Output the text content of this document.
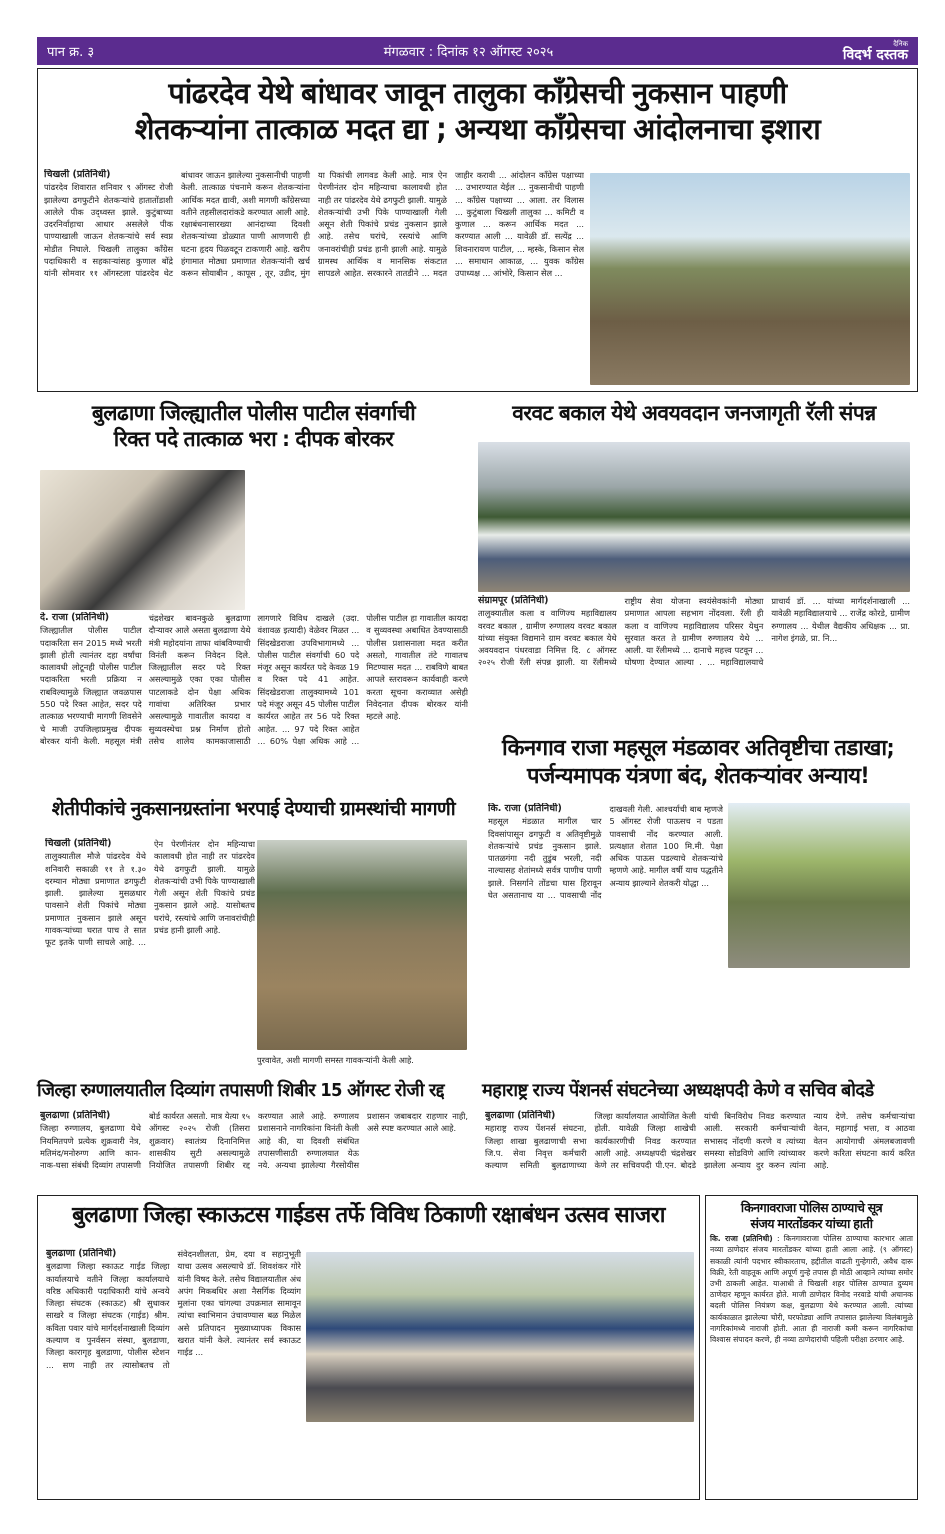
पान क्र. ३	मंगळवार : दिनांक १२ ऑगस्ट २०२५
दैनिक
विदर्भ दस्तक
पांढरदेव येथे बांधावर जावून तालुका काँग्रेसची नुकसान पाहणी
शेतकऱ्यांना तात्काळ मदत द्या ; अन्यथा काँग्रेसचा आंदोलनाचा इशारा
चिखली (प्रतिनिधी)
पांढरदेव शिवारात शनिवार ९ ऑगस्ट रोजी झालेल्या ढगफुटीने शेतकऱ्यांचे हातातोंडाशी आलेले पीक उद्ध्वस्त झाले. कुटुंबाच्या उदरनिर्वाहाचा आधार असलेले पीक पाण्याखाली जाऊन शेतकऱ्यांचे सर्व स्वप्न मोडीत निघाले. चिखली तालुका काँग्रेस पदाधिकारी व सहकाऱ्यांसह कुणाल बोंद्रे यांनी सोमवार ११ ऑगस्टला पांढरदेव थेट बांधावर जाऊन झालेल्या नुकसानीची पाहणी केली. तात्काळ पंचनामे करून शेतकऱ्यांना आर्थिक मदत द्यावी, अशी मागणी काँग्रेसच्या वतीने तहसीलदारांकडे करण्यात आली आहे. रक्षाबंधनासारख्या आनंदाच्या दिवशी शेतकऱ्यांच्या डोळ्यात पाणी आणणारी ही घटना हृदय पिळवटून टाकणारी आहे. खरीप हंगामात मोठ्या प्रमाणात शेतकऱ्यांनी खर्च करून सोयाबीन , कापूस , तूर, उडीद, मुंग या पिकांची लागवड केली आहे. मात्र ऐन पेरणीनंतर दोन महिन्याचा कालावधी होत नाही तर पांढरदेव येथे ढगफुटी झाली. यामुळे शेतकऱ्यांची उभी पिके पाण्याखाली गेली असून शेती पिकांचे प्रचंड नुकसान झाले आहे. तसेच घरांचे, रस्त्यांचे आणि जनावरांचीही प्रचंड हानी झाली आहे. यामुळे ग्रामस्थ आर्थिक व मानसिक संकटात सापडले आहेत. सरकारने तातडीने ... मदत जाहीर करावी ... आंदोलन काँग्रेस पक्षाच्या ... उभारण्यात येईल ... नुकसानीची पाहणी ... काँग्रेस पक्षाच्या ... आला. तर विलास ... कुटुंबाला चिखली तालुका ... कमिटी व कुणाल ... करून आर्थिक मदत ... करण्यात आली ... यावेळी डॉ. सत्येंद्र ... शिवनारायण पाटील, ... म्हस्के, किसान सेल ... समाधान आकाळ, ... युवक काँग्रेस उपाध्यक्ष ... आंभोरे, किसान सेल ...
बुलढाणा जिल्ह्यातील पोलीस पाटील संवर्गाची
रिक्त पदे तात्काळ भरा : दीपक बोरकर
दे. राजा (प्रतिनिधी)
जिल्ह्यातील पोलीस पाटील पदाकरिता सन 2015 मध्ये भरती झाली होती त्यानंतर दहा वर्षांचा कालावधी लोटूनही पोलीस पाटील पदाकरिता भरती प्रक्रिया न राबविल्यामुळे जिल्ह्यात जवळपास 550 पदे रिक्त आहेत, सदर पदे तात्काळ भरण्याची मागणी शिवसेने चे माजी उपजिल्हाप्रमुख दीपक बोरकर यांनी केली. महसूल मंत्री चंद्रशेखर बावनकुळे बुलढाणा दौऱ्यावर आले असता बुलढाणा येथे मंत्री महोदयांना ताफा थांबविण्याची विनंती करून निवेदन दिले. जिल्ह्यातील सदर पदे रिक्त असल्यामुळे एका एका पोलीस पाटलाकडे दोन पेक्षा अधिक गावांचा अतिरिक्त प्रभार असल्यामुळे गावातील कायदा व सुव्यवस्थेचा प्रश्न निर्माण होतो तसेच शालेय कामकाजासाठी लागणारे विविध दाखले (उदा. वंशावळ इत्यादी) वेळेवर मिळत ... सिंदखेडराजा उपविभागामध्ये ... पोलीस पाटील संवर्गाची 60 पदे मंजूर असून कार्यरत पदे केवळ 19 व रिक्त पदे 41 आहेत. सिंदखेडराजा तालुक्यामध्ये 101 पदे मंजूर असून 45 पोलीस पाटील कार्यरत आहेत तर 56 पदे रिक्त आहेत. ... 97 पदे रिक्त आहेत ... 60% पेक्षा अधिक आहे ... पोलीस पाटील हा गावातील कायदा व सुव्यवस्था अबाधित ठेवण्यासाठी पोलीस प्रशासनाला मदत करीत असतो, गावातील तंटे गावातच मिटण्यास मदत ... राबविणे बाबत आपले स्तरावरून कार्यवाही करणे करता सूचना कराव्यात असेही निवेदनात दीपक बोरकर यांनी म्हटले आहे.
वरवट बकाल येथे अवयवदान जनजागृती रॅली संपन्न
संग्रामपूर (प्रतिनिधी)
तालुक्यातील कला व वाणिज्य महाविद्यालय वरवट बकाल , ग्रामीण रुग्णालय वरवट बकाल यांच्या संयुक्त विद्यमाने ग्राम वरवट बकाल येथे अवयवदान पंधरवाडा निमित्त दि. ८ ऑगस्ट २०२५ रोजी रॅली संपन्न झाली. या रॅलीमध्ये राष्ट्रीय सेवा योजना स्वयंसेवकांनी मोठ्या प्रमाणात आपला सहभाग नोंदवला. रॅली ही कला व वाणिज्य महाविद्यालय परिसर येथुन सुरवात करत ते ग्रामीण रुग्णालय येथे ... आली. या रॅलीमध्ये ... दानाचे महत्त्व पटवून ... घोषणा देण्यात आल्या . ... महाविद्यालयाचे प्राचार्य डॉ. ... यांच्या मार्गदर्शनाखाली ... यावेळी महाविद्यालयाचे ... राजेंद्र कोरडे, ग्रामीण रुग्णालय ... येथील वैद्यकीय अधिक्षक ... प्रा. नागेश इंगळे, प्रा. नि...
किनगाव राजा महसूल मंडळावर अतिवृष्टीचा तडाखा;
पर्जन्यमापक यंत्रणा बंद, शेतकऱ्यांवर अन्याय!
कि. राजा (प्रतिनिधी)
महसूल मंडळात मागील चार दिवसांपासून ढगफुटी व अतिवृष्टीमुळे शेतकऱ्यांचे प्रचंड नुकसान झाले. पातळगंगा नदी तुडुंब भरली, नदी नाल्यासह शेतांमध्ये सर्वत्र पाणीच पाणी झाले. निसर्गाने तोंडचा घास हिरावून घेत असतानाच या ... पावसाची नोंद दाखवली गेली. आश्चर्याची बाब म्हणजे 5 ऑगस्ट रोजी पाऊसच न पडता पावसाची नोंद करण्यात आली. प्रत्यक्षात शेतात 100 मि.मी. पेक्षा अधिक पाऊस पडल्याचे शेतकऱ्यांचे म्हणणे आहे. मागील वर्षी याच पद्धतीने अन्याय झाल्याने शेतकरी योद्धा ...
शेतीपीकांचे नुकसानग्रस्तांना भरपाई देण्याची ग्रामस्थांची मागणी
चिखली (प्रतिनिधी)
तालुक्यातील मौजे पांढरदेव येथे शनिवारी सकाळी ११ ते १.३० दरम्यान मोठ्या प्रमाणात ढगफुटी झाली. झालेल्या मुसळधार पावसाने शेती पिकांचे मोठ्या प्रमाणात नुकसान झाले असून गावकऱ्यांच्या घरात पाच ते सात फूट इतके पाणी साचले आहे. ... ऐन पेरणीनंतर दोन महिन्याचा कालावधी होत नाही तर पांढरदेव येथे ढगफुटी झाली. यामुळे शेतकऱ्यांची उभी पिके पाण्याखाली गेली असून शेती पिकांचे प्रचंड नुकसान झाले आहे. यासोबतच घरांचे, रस्त्यांचे आणि जनावरांचीही प्रचंड हानी झाली आहे.
पुरवावेत, अशी मागणी समस्त गावकऱ्यांनी केली आहे.
जिल्हा रुग्णालयातील दिव्यांग तपासणी शिबीर 15 ऑगस्ट रोजी रद्द
बुलढाणा (प्रतिनिधी)
जिल्हा रुग्णालय, बुलढाणा येथे नियमितपणे प्रत्येक शुक्रवारी नेत्र, मतिमंद/मनोरुग्ण आणि कान-नाक-घसा संबंधी दिव्यांग तपासणी बोर्ड कार्यरत असतो. मात्र येत्या १५ ऑगस्ट २०२५ रोजी (तिसरा शुक्रवार) स्वातंत्र्य दिनानिमित्त शासकीय सुटी असल्यामुळे नियोजित तपासणी शिबीर रद्द करण्यात आले आहे. रुग्णालय प्रशासनाने नागरिकांना विनंती केली आहे की, या दिवशी संबंधित तपासणीसाठी रुग्णालयात येऊ नये. अन्यथा झालेल्या गैरसोयीस प्रशासन जबाबदार राहणार नाही, असे स्पष्ट करण्यात आले आहे.
महाराष्ट्र राज्य पेंशनर्स संघटनेच्या अध्यक्षपदी केणे व सचिव बोदडे
बुलढाणा (प्रतिनिधी)
महाराष्ट्र राज्य पेंशनर्स संघटना, जिल्हा शाखा बुलढाणाची सभा जि.प. सेवा निवृत्त कर्मचारी कल्याण समिती बुलढाणाच्या जिल्हा कार्यालयात आयोजित केली होती. यावेळी जिल्हा शाखेची कार्यकारणीची निवड करण्यात आली आहे. अध्यक्षपदी चंद्रशेखर केणे तर सचिवपदी पी.एन. बोदडे यांची बिनविरोध निवड करण्यात आली. सरकारी कर्मचाऱ्यांची सभासद नोंदणी करणे व त्यांच्या समस्या सोडविणे आणि त्यांच्यावर झालेला अन्याय दुर करुन त्यांना न्याय देणे. तसेच कर्मचाऱ्यांचा वेतन, महागाई भत्ता, व आठवा वेतन आयोगाची अंमलबजावणी करणे करिता संघटना कार्य करित आहे.
बुलढाणा जिल्हा स्काऊटस गाईडस तर्फे विविध ठिकाणी रक्षाबंधन उत्सव साजरा
बुलढाणा (प्रतिनिधी)
बुलढाणा जिल्हा स्काऊट गाईड जिल्हा कार्यालयाचे वतीने जिल्हा कार्यालयाचे वरिष्ठ अधिकारी पदाधिकारी यांचे अन्वये जिल्हा संघटक (स्काऊट) श्री सुधाकर साखरे व जिल्हा संघटक (गाईड) श्रीम. कविता पवार यांचे मार्गदर्शनाखाली दिव्यांग कल्याण व पुनर्वसन संस्था, बुलडाणा, जिल्हा कारागृह बुलडाणा, पोलीस स्टेशन ... सण नाही तर त्यासोबतच तो संवेदनशीलता, प्रेम, दया व सहानुभूती याचा उत्सव असल्याचे डॉ. शिवशंकर गोरे यांनी विषद केले. तसेच विद्यालयातील अंध अपंग मिकबधिर अशा नैसर्गिक दिव्यांग मुलांना एका चांगल्या उपक्रमात सामावून त्यांचा स्वाभिमान उंचावण्यास बळ मिळेल असे प्रतिपादन मुख्याध्यापक विकास खरात यांनी केले. त्यानंतर सर्व स्काऊट गाईड ...
किनगावराजा पोलिस ठाण्याचे सूत्र
संजय मारतोंडकर यांच्या हाती
कि. राजा (प्रतिनिधी) : किनगावराजा पोलिस ठाण्याचा कारभार आता नव्या ठाणेदार संजय मारतोंडकर यांच्या हाती आला आहे. (९ ऑगस्ट) सकाळी त्यांनी पदभार स्वीकारताच, हद्दीतील वाढती गुन्हेगारी, अवैध दारू विक्री, रेती वाहतूक आणि अपूर्ण गुन्हे तपास ही मोठी आव्हाने त्यांच्या समोर उभी ठाकली आहेत. याआधी ते चिखली शहर पोलिस ठाण्यात दुय्यम ठाणेदार म्हणून कार्यरत होते. माजी ठाणेदार विनोद नरवाडे यांची अचानक बदली पोलिस नियंत्रण कक्ष, बुलढाणा येथे करण्यात आली. त्यांच्या कार्यकाळात झालेल्या चोरी, घरफोड्या आणि तपासात झालेल्या विलंबामुळे नागरिकांमध्ये नाराजी होती. आता ही नाराजी कमी करून नागरिकांचा विश्वास संपादन करणे, ही नव्या ठाणेदारांची पहिली परीक्षा ठरणार आहे.
